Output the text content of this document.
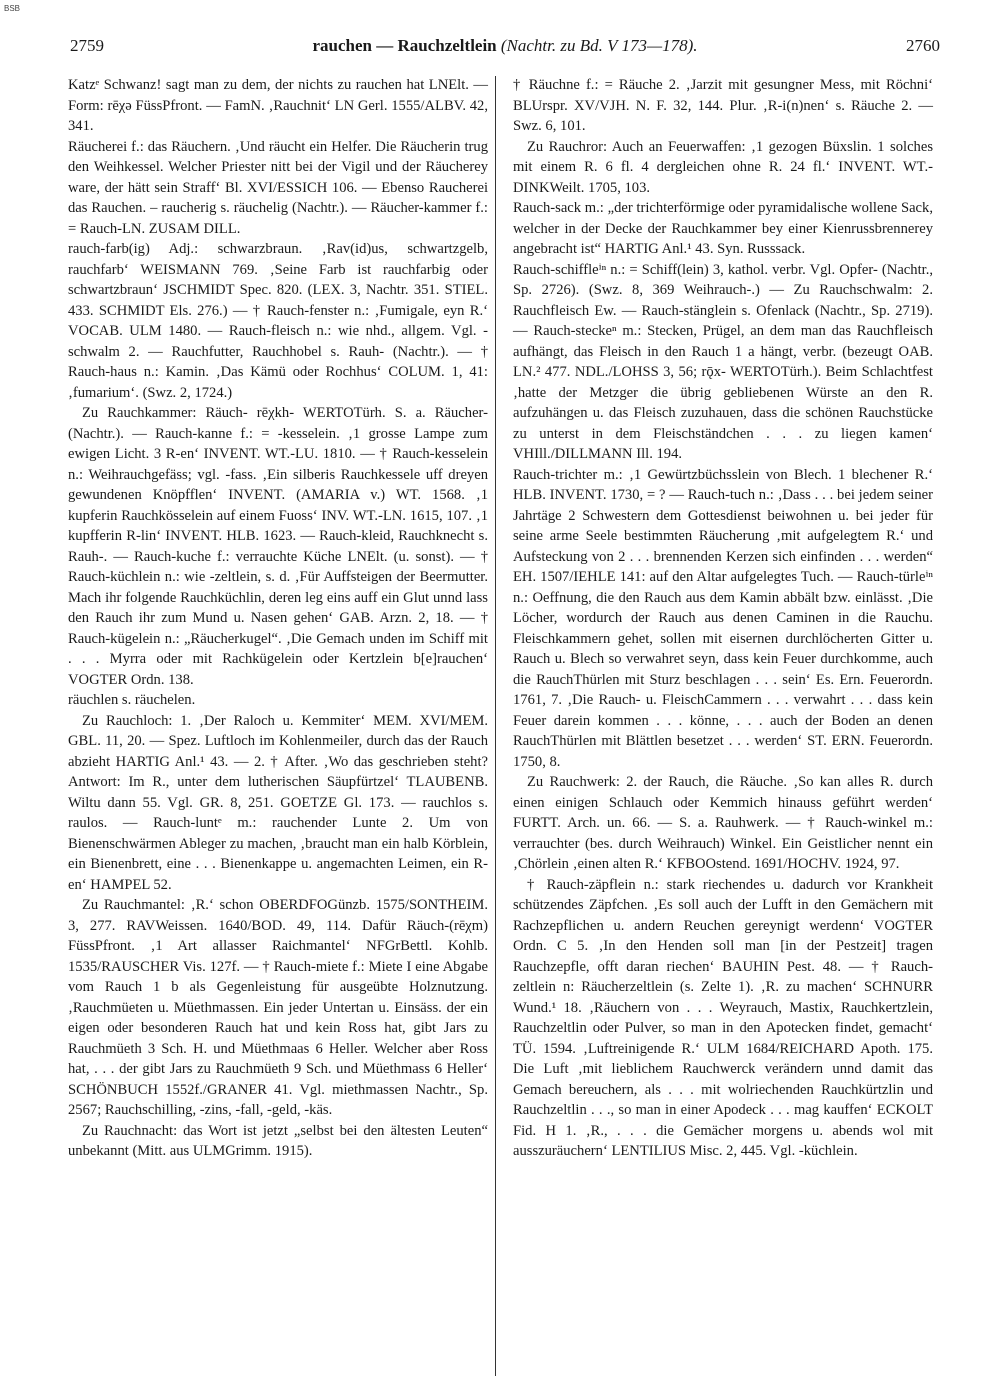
BSB
2759	rauchen — Rauchzeltlein (Nachtr. zu Bd. V 173—178).	2760

Katzᵉ Schwanz! sagt man zu dem, der nichts zu rauchen hat LNElt. — Form: rēχə FüssPfront. — FamN. ‚Rauchnit‘ LN Gerl. 1555/ALBV. 42, 341.

Räucherei f.: das Räuchern. ‚Und räucht ein Helfer. Die Räucherin trug den Weihkessel. Welcher Priester nitt bei der Vigil und der Räucherey ware, der hätt sein Straff‘ Bl. XVI/ESSICH 106. — Ebenso Raucherei das Rauchen. – raucherig s. räuchelig (Nachtr.). — Räucher-kammer f.: = Rauch-LN. ZUSAM DILL.

rauch-farb(ig) Adj.: schwarzbraun. ‚Rav(id)us, schwartzgelb, rauchfarb‘ WEISMANN 769. ‚Seine Farb ist rauchfarbig oder schwartzbraun‘ JSCHMIDT Spec. 820. (LEX. 3, Nachtr. 351. STIEL. 433. SCHMIDT Els. 276.) — † Rauch-fenster n.: ‚Fumigale, eyn R.‘ VOCAB. ULM 1480. — Rauch-fleisch n.: wie nhd., allgem. Vgl. -schwalm 2. — Rauchfutter, Rauchhobel s. Rauh- (Nachtr.). — † Rauch-haus n.: Kamin. ‚Das Kämü oder Rochhus‘ COLUM. 1, 41: ‚fumarium‘. (Swz. 2, 1724.)

Zu Rauchkammer: Räuch- rēχkh- WERTOTürh. S. a. Räucher- (Nachtr.). — Rauch-kanne f.: = -kesselein. ‚1 grosse Lampe zum ewigen Licht. 3 R-en‘ INVENT. WT.-LU. 1810. — † Rauch-kesselein n.: Weihrauchgefäss; vgl. -fass. ‚Ein silberis Rauchkessele uff dreyen gewundenen Knöpfflen‘ INVENT. (AMARIA v.) WT. 1568. ‚1 kupferin Rauchkösselein auf einem Fuoss‘ INV. WT.-LN. 1615, 107. ‚1 kupfferin R-lin‘ INVENT. HLB. 1623. — Rauch-kleid, Rauchknecht s. Rauh-. — Rauch-kuche f.: verrauchte Küche LNElt. (u. sonst). — † Rauch-küchlein n.: wie -zeltlein, s. d. ‚Für Auffsteigen der Beermutter. Mach ihr folgende Rauchküchlin, deren leg eins auff ein Glut unnd lass den Rauch ihr zum Mund u. Nasen gehen‘ GAB. Arzn. 2, 18. — † Rauch-kügelein n.: „Räucherkugel“. ‚Die Gemach unden im Schiff mit . . . Myrra oder mit Rachkügelein oder Kertzlein b[e]rauchen‘ VOGTER Ordn. 138.

räuchlen s. räuchelen.

Zu Rauchloch: 1. ‚Der Raloch u. Kemmiter‘ MEM. XVI/MEM. GBL. 11, 20. — Spez. Luftloch im Kohlenmeiler, durch das der Rauch abzieht HARTIG Anl.¹ 43. — 2. † After. ‚Wo das geschrieben steht? Antwort: Im R., unter dem lutherischen Säupfürtzel‘ TLAUBENB. Wiltu dann 55. Vgl. GR. 8, 251. GOETZE Gl. 173. — rauchlos s. raulos. — Rauch-luntᵉ m.: rauchender Lunte 2. Um von Bienenschwärmen Ableger zu machen, ‚braucht man ein halb Körblein, ein Bienenbrett, eine . . . Bienenkappe u. angemachten Leimen, ein R-en‘ HAMPEL 52.

Zu Rauchmantel: ‚R.‘ schon OBERDFOGünzb. 1575/SONTHEIM. 3, 277. RAVWeissen. 1640/BOD. 49, 114. Dafür Räuch-(rēχm) FüssPfront. ‚1 Art allasser Raichmantel‘ NFGrBettl. Kohlb. 1535/RAUSCHER Vis. 127f. — † Rauch-miete f.: Miete I eine Abgabe vom Rauch 1 b als Gegenleistung für ausgeübte Holznutzung. ‚Rauchmüeten u. Müethmassen. Ein jeder Untertan u. Einsäss. der ein eigen oder besonderen Rauch hat und kein Ross hat, gibt Jars zu Rauchmüeth 3 Sch. H. und Müethmaas 6 Heller. Welcher aber Ross hat, . . . der gibt Jars zu Rauchmüeth 9 Sch. und Müethmass 6 Heller‘ SCHÖNBUCH 1552f./GRANER 41. Vgl. miethmassen Nachtr., Sp. 2567; Rauchschilling, -zins, -fall, -geld, -käs.

Zu Rauchnacht: das Wort ist jetzt „selbst bei den ältesten Leuten“ unbekannt (Mitt. aus ULMGrimm. 1915).

† Räuchne f.: = Räuche 2. ‚Jarzit mit gesungner Mess, mit Röchni‘ BLUrspr. XV/VJH. N. F. 32, 144. Plur. ‚R-i(n)nen‘ s. Räuche 2. — Swz. 6, 101.

Zu Rauchror: Auch an Feuerwaffen: ‚1 gezogen Büxslin. 1 solches mit einem R. 6 fl. 4 dergleichen ohne R. 24 fl.‘ INVENT. WT.-DINKWeilt. 1705, 103.

Rauch-sack m.: „der trichterförmige oder pyramidalische wollene Sack, welcher in der Decke der Rauchkammer bey einer Kienrussbrennerey angebracht ist“ HARTIG Anl.¹ 43. Syn. Russsack.

Rauch-schiffleⁱⁿ n.: = Schiff(lein) 3, kathol. verbr. Vgl. Opfer- (Nachtr., Sp. 2726). (Swz. 8, 369 Weihrauch-.) — Zu Rauchschwalm: 2. Rauchfleisch Ew. — Rauch-stänglein s. Ofenlack (Nachtr., Sp. 2719). — Rauch-steckeⁿ m.: Stecken, Prügel, an dem man das Rauchfleisch aufhängt, das Fleisch in den Rauch 1 a hängt, verbr. (bezeugt OAB. LN.² 477. NDL./LOHSS 3, 56; rǭx- WERTOTürh.). Beim Schlachtfest ‚hatte der Metzger die übrig gebliebenen Würste an den R. aufzuhängen u. das Fleisch zuzuhauen, dass die schönen Rauchstücke zu unterst in dem Fleischständchen . . . zu liegen kamen‘ VHIll./DILLMANN Ill. 194.

Rauch-trichter m.: ‚1 Gewürtzbüchsslein von Blech. 1 blechener R.‘ HLB. INVENT. 1730, = ? — Rauch-tuch n.: ‚Dass . . . bei jedem seiner Jahrtäge 2 Schwestern dem Gottesdienst beiwohnen u. bei jeder für seine arme Seele bestimmten Räucherung ‚mit aufgelegtem R.‘ und Aufsteckung von 2 . . . brennenden Kerzen sich einfinden . . . werden“ EH. 1507/IEHLE 141: auf den Altar aufgelegtes Tuch. — Rauch-türleⁱⁿ n.: Oeffnung, die den Rauch aus dem Kamin abbält bzw. einlässt. ‚Die Löcher, wordurch der Rauch aus denen Caminen in die Rauchu. Fleischkammern gehet, sollen mit eisernen durchlöcherten Gitter u. Rauch u. Blech so verwahret seyn, dass kein Feuer durchkomme, auch die RauchThürlen mit Sturz beschlagen . . . sein‘ Es. Ern. Feuerordn. 1761, 7. ‚Die Rauch- u. FleischCammern . . . verwahrt . . . dass kein Feuer darein kommen . . . könne, . . . auch der Boden an denen RauchThürlen mit Blättlen besetzet . . . werden‘ ST. ERN. Feuerordn. 1750, 8.

Zu Rauchwerk: 2. der Rauch, die Räuche. ‚So kan alles R. durch einen einigen Schlauch oder Kemmich hinauss geführt werden‘ FURTT. Arch. un. 66. — S. a. Rauhwerk. — † Rauch-winkel m.: verrauchter (bes. durch Weihrauch) Winkel. Ein Geistlicher nennt ein ‚Chörlein ‚einen alten R.‘ KFBOOstend. 1691/HOCHV. 1924, 97.

† Rauch-zäpflein n.: stark riechendes u. dadurch vor Krankheit schützendes Zäpfchen. ‚Es soll auch der Lufft in den Gemächern mit Rachzepflichen u. andern Reuchen gereynigt werdenn‘ VOGTER Ordn. C 5. ‚In den Henden soll man [in der Pestzeit] tragen Rauchzepfle, offt daran riechen‘ BAUHIN Pest. 48. — † Rauch-zeltlein n: Räucherzeltlein (s. Zelte 1). ‚R. zu machen‘ SCHNURR Wund.¹ 18. ‚Räuchern von . . . Weyrauch, Mastix, Rauchkertzlein, Rauchzeltlin oder Pulver, so man in den Apotecken findet, gemacht‘ TÜ. 1594. ‚Luftreinigende R.‘ ULM 1684/REICHARD Apoth. 175. Die Luft ‚mit lieblichem Rauchwerck verändern unnd damit das Gemach bereuchern, als . . . mit wolriechenden Rauchkürtzlin und Rauchzeltlin . . ., so man in einer Apodeck . . . mag kauffen‘ ECKOLT Fid. H 1. ‚R., . . . die Gemächer morgens u. abends wol mit ausszuräuchern‘ LENTILIUS Misc. 2, 445. Vgl. -küchlein.
